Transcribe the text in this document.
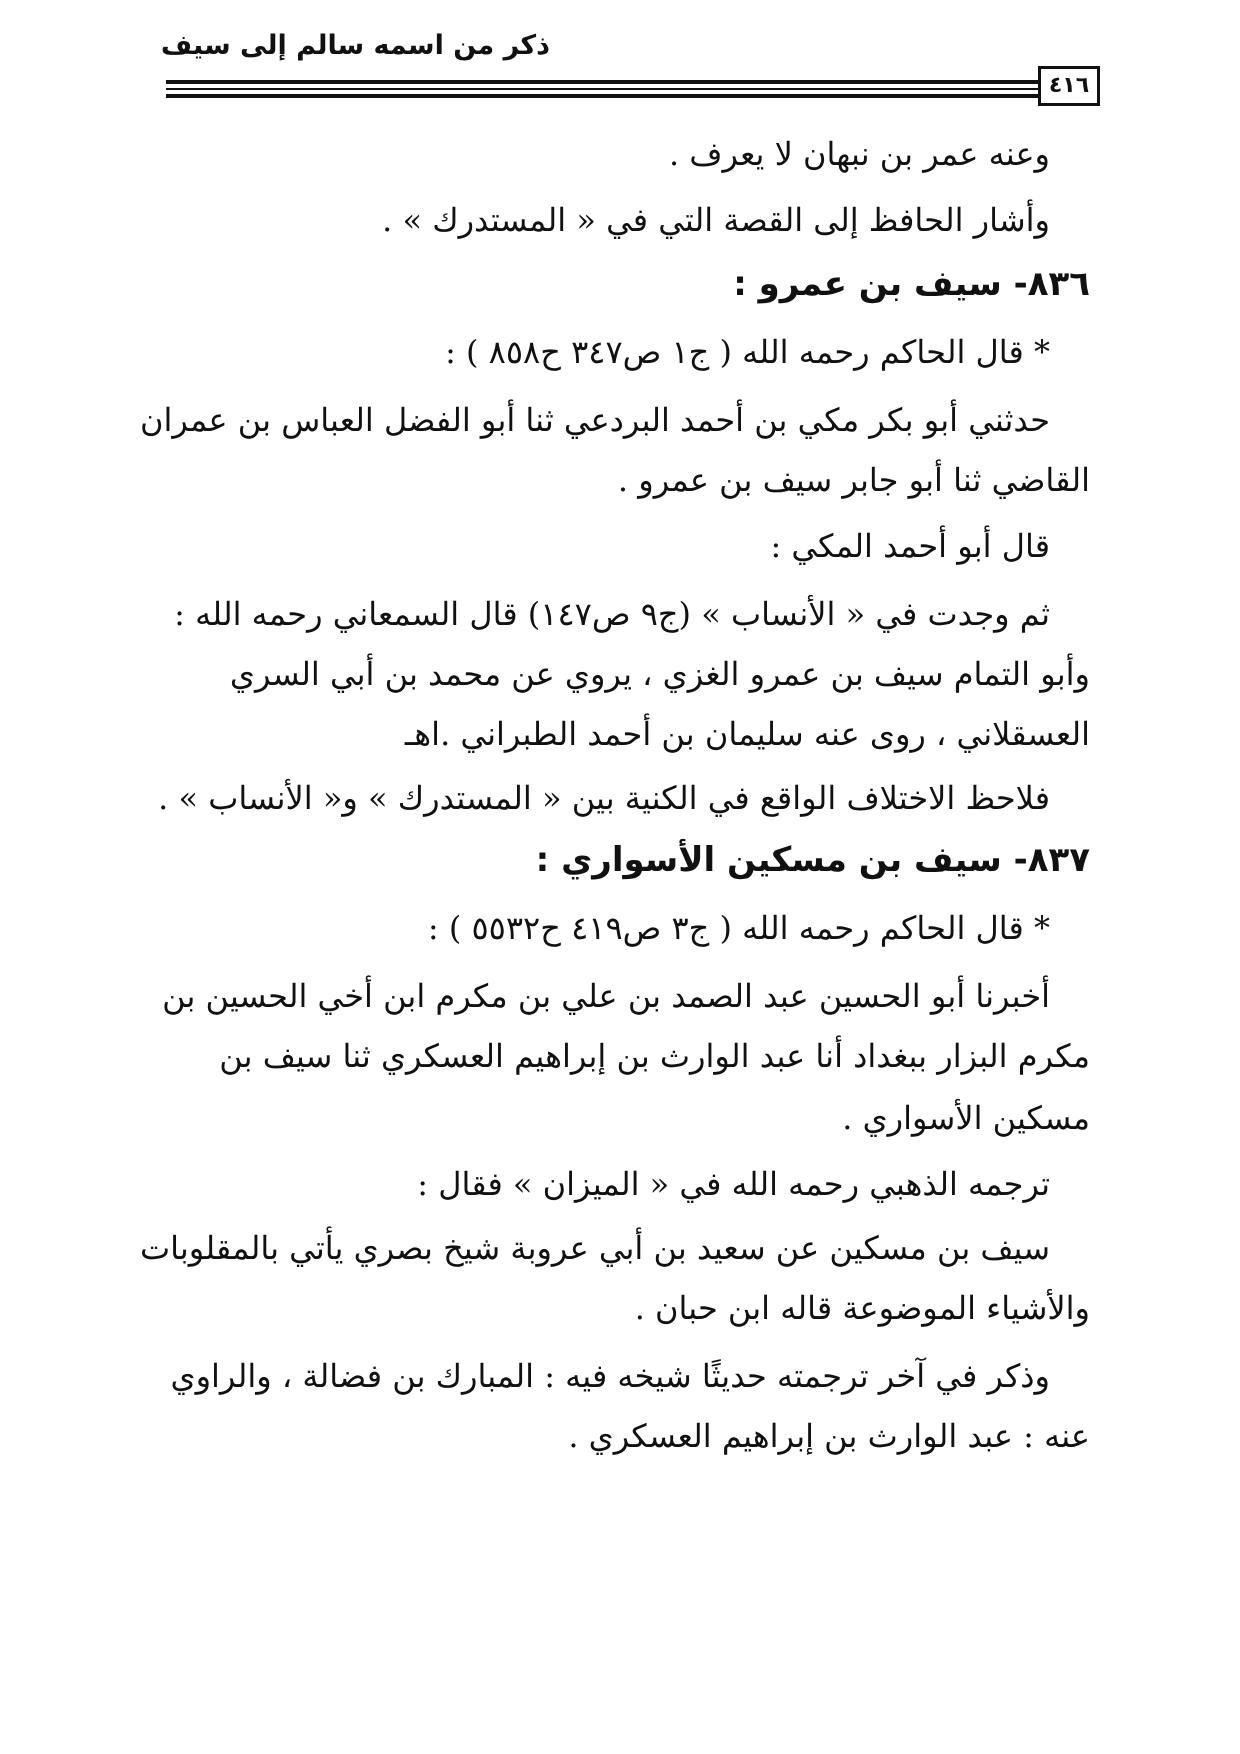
ذكر من اسمه سالم إلى سيف
٤١٦
وعنه عمر بن نبهان لا يعرف .
وأشار الحافظ إلى القصة التي في « المستدرك » .
٨٣٦- سيف بن عمرو :
* قال الحاكم رحمه الله ( ج١ ص٣٤٧ ح٨٥٨ ) :
حدثني أبو بكر مكي بن أحمد البردعي ثنا أبو الفضل العباس بن عمران
القاضي ثنا أبو جابر سيف بن عمرو .
قال أبو أحمد المكي :
ثم وجدت في « الأنساب » (ج٩ ص١٤٧) قال السمعاني رحمه الله :
وأبو التمام سيف بن عمرو الغزي ، يروي عن محمد بن أبي السري
العسقلاني ، روى عنه سليمان بن أحمد الطبراني .اهـ
فلاحظ الاختلاف الواقع في الكنية بين « المستدرك » و« الأنساب » .
٨٣٧- سيف بن مسكين الأسواري :
* قال الحاكم رحمه الله ( ج٣ ص٤١٩ ح٥٥٣٢ ) :
أخبرنا أبو الحسين عبد الصمد بن علي بن مكرم ابن أخي الحسين بن
مكرم البزار ببغداد أنا عبد الوارث بن إبراهيم العسكري ثنا سيف بن
مسكين الأسواري .
ترجمه الذهبي رحمه الله في « الميزان » فقال :
سيف بن مسكين عن سعيد بن أبي عروبة شيخ بصري يأتي بالمقلوبات
والأشياء الموضوعة قاله ابن حبان .
وذكر في آخر ترجمته حديثًا شيخه فيه : المبارك بن فضالة ، والراوي
عنه : عبد الوارث بن إبراهيم العسكري .
